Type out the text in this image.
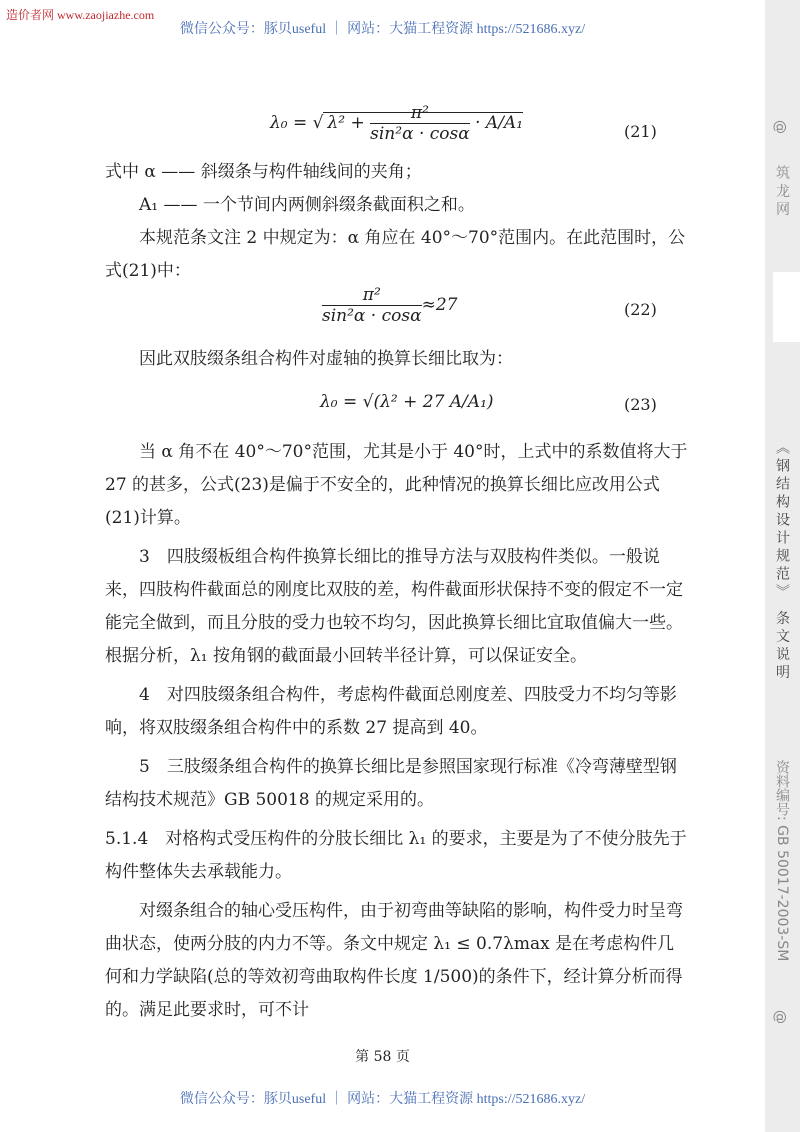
造价者网 www.zaojiazhe.com
微信公众号：豚贝useful ｜ 网站：大猫工程资源 https://521686.xyz/
@
筑 龙 网
《钢结构设计规范》 条文说明
资料编号: GB 50017-2003-SM
@
λ₀ = √ $\lambda^2 + \frac{\text{π²}}{\text{sin²α · cosα}} \cdot A/A_1$	(21)

式中 α —— 斜缀条与构件轴线间的夹角；

A₁ —— 一个节间内两侧斜缀条截面积之和。

本规范条文注 2 中规定为：α 角应在 40°～70°范围内。在此范围时，公式(21)中：

$\frac{\text{π²}}{\text{sin²α · cosα}} \approx 27$	(22)

因此双肢缀条组合构件对虚轴的换算长细比取为：

λ₀ = √(λ² + 27 A/A₁)	(23)

当 α 角不在 40°～70°范围，尤其是小于 40°时，上式中的系数值将大于 27 的甚多，公式(23)是偏于不安全的，此种情况的换算长细比应改用公式(21)计算。

3　四肢缀板组合构件换算长细比的推导方法与双肢构件类似。一般说来，四肢构件截面总的刚度比双肢的差，构件截面形状保持不变的假定不一定能完全做到，而且分肢的受力也较不均匀，因此换算长细比宜取值偏大一些。根据分析，λ₁ 按角钢的截面最小回转半径计算，可以保证安全。

4　对四肢缀条组合构件，考虑构件截面总刚度差、四肢受力不均匀等影响，将双肢缀条组合构件中的系数 27 提高到 40。

5　三肢缀条组合构件的换算长细比是参照国家现行标准《冷弯薄壁型钢结构技术规范》GB 50018 的规定采用的。

5.1.4　对格构式受压构件的分肢长细比 λ₁ 的要求，主要是为了不使分肢先于构件整体失去承载能力。

对缀条组合的轴心受压构件，由于初弯曲等缺陷的影响，构件受力时呈弯曲状态，使两分肢的内力不等。条文中规定 λ₁ ≤ 0.7λmax 是在考虑构件几何和力学缺陷(总的等效初弯曲取构件长度 1/500)的条件下，经计算分析而得的。满足此要求时，可不计

第 58 页
微信公众号：豚贝useful ｜ 网站：大猫工程资源 https://521686.xyz/
